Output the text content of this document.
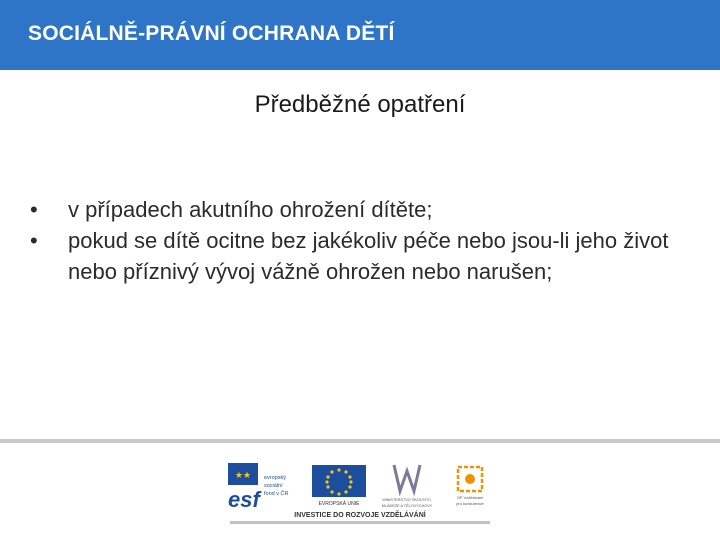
SOCIÁLNĚ-PRÁVNÍ OCHRANA DĚTÍ
Předběžné opatření
•	v případech akutního ohrožení dítěte;
•	pokud se dítě ocitne bez jakékoliv péče nebo jsou-li jeho život nebo příznivý vývoj vážně ohrožen nebo narušen;
★★
esf
evropský
sociální
fond v ČR
EVROPSKÁ UNIE
MINISTERSTVO ŠKOLSTVÍ,
MLÁDEŽE A TĚLOVÝCHOVY
OP Vzdělávání
pro konkurence
INVESTICE DO ROZVOJE VZDĚLÁVÁNÍ
